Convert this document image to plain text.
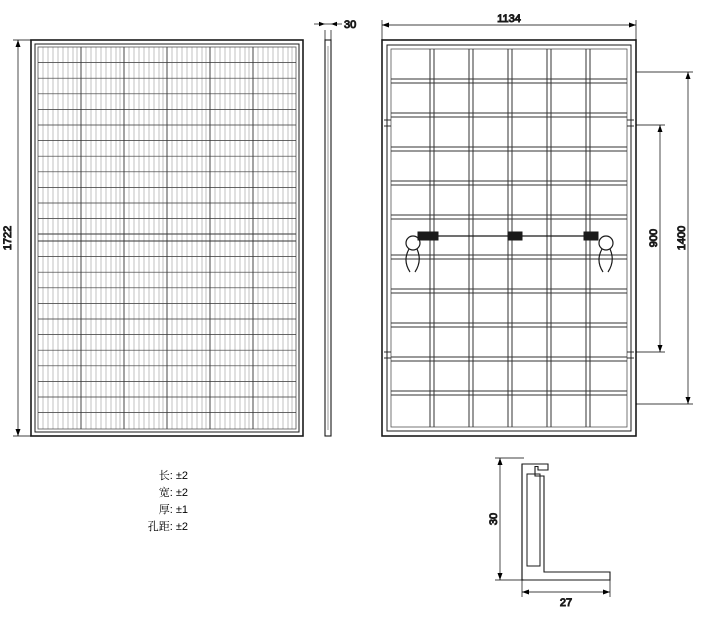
1722
30	1134
1400
900
30
27
长: ±2
宽: ±2
厚: ±1
孔距: ±2
